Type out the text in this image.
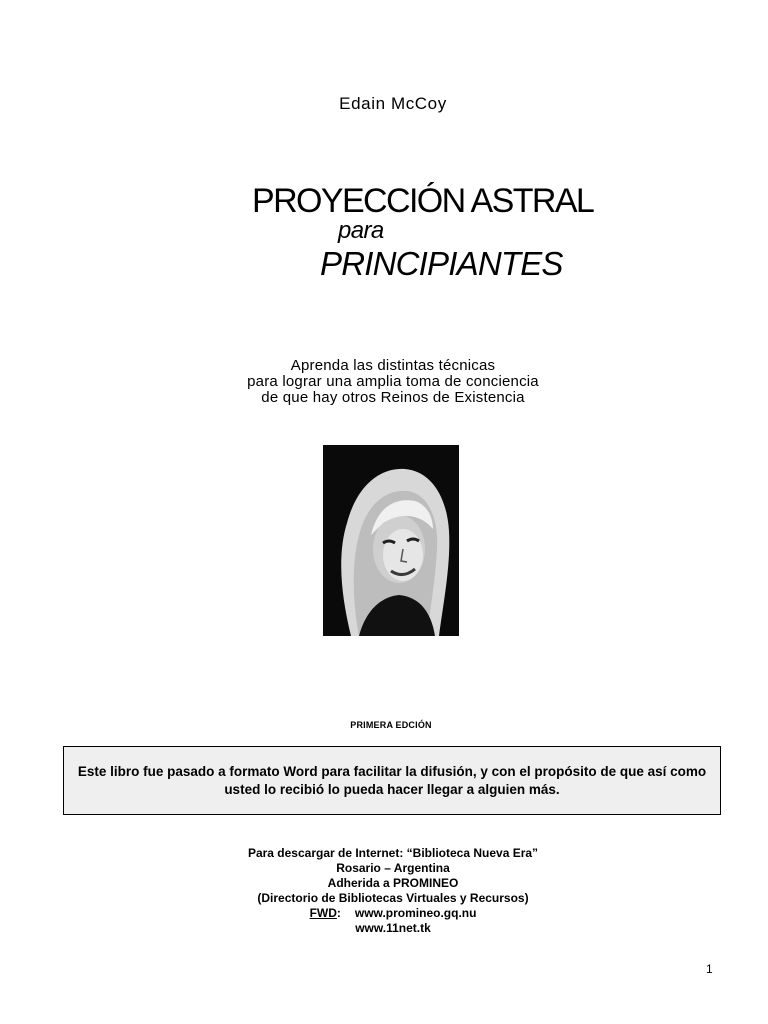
Edain McCoy
PROYECCIÓN ASTRAL
para
PRINCIPIANTES
Aprenda las distintas técnicas
para lograr una amplia toma de conciencia
de que hay otros Reinos de Existencia
PRIMERA EDCIÓN
Este libro fue pasado a formato Word para facilitar la difusión, y con el propósito de que así como usted lo recibió lo pueda hacer llegar a alguien más.
Para descargar de Internet: “Biblioteca Nueva Era”
Rosario – Argentina
Adherida a PROMINEO
(Directorio de Bibliotecas Virtuales y Recursos)
FWD: www.promineo.gq.nu
www.11net.tk
1
